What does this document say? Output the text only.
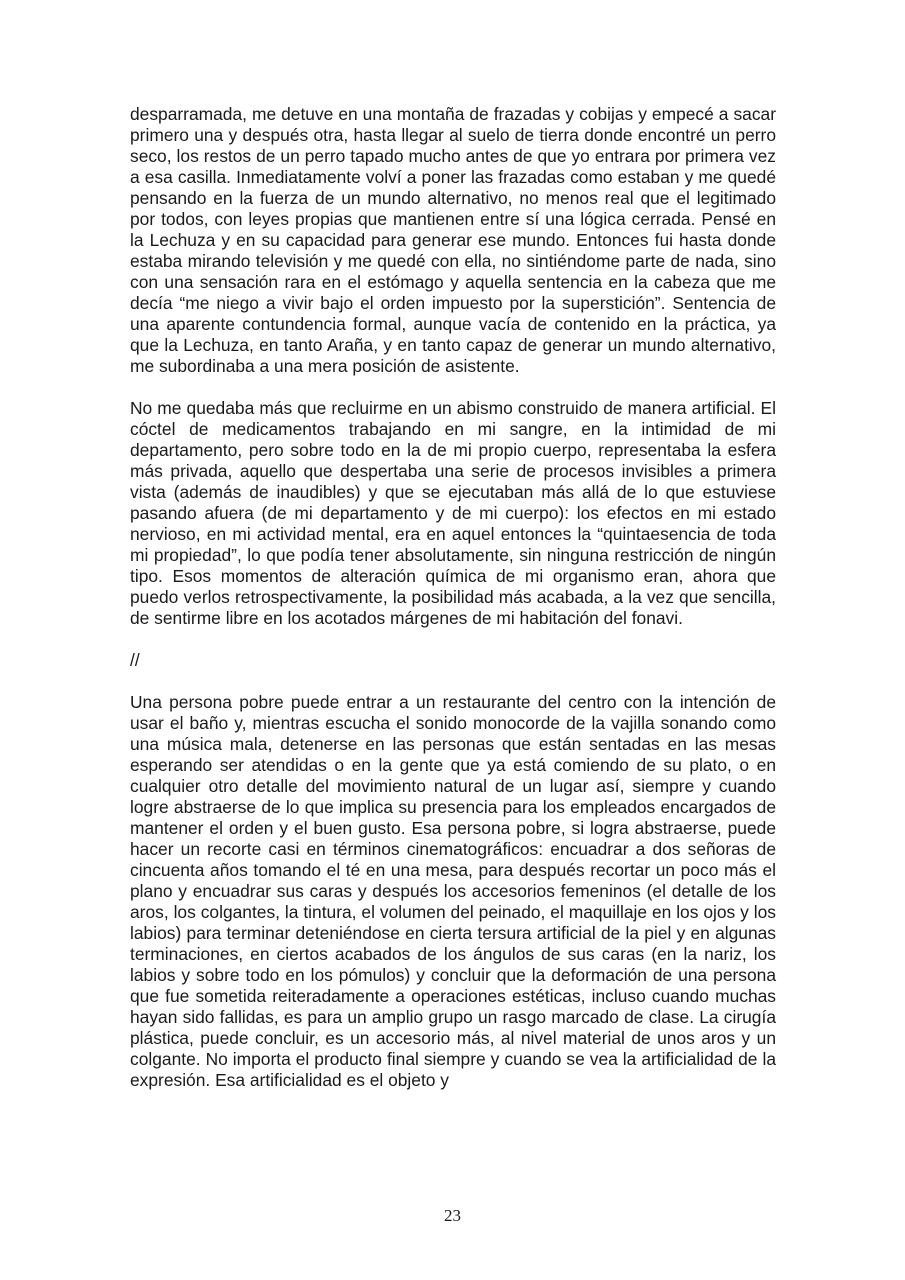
desparramada, me detuve en una montaña de frazadas y cobijas y empecé a sacar primero una y después otra, hasta llegar al suelo de tierra donde encontré un perro seco, los restos de un perro tapado mucho antes de que yo entrara por primera vez a esa casilla. Inmediatamente volví a poner las frazadas como estaban y me quedé pensando en la fuerza de un mundo alternativo, no menos real que el legitimado por todos, con leyes propias que mantienen entre sí una lógica cerrada. Pensé en la Lechuza y en su capacidad para generar ese mundo. Entonces fui hasta donde estaba mirando televisión y me quedé con ella, no sintiéndome parte de nada, sino con una sensación rara en el estómago y aquella sentencia en la cabeza que me decía “me niego a vivir bajo el orden impuesto por la superstición”. Sentencia de una aparente contundencia formal, aunque vacía de contenido en la práctica, ya que la Lechuza, en tanto Araña, y en tanto capaz de generar un mundo alternativo, me subordinaba a una mera posición de asistente.

No me quedaba más que recluirme en un abismo construido de manera artificial. El cóctel de medicamentos trabajando en mi sangre, en la intimidad de mi departamento, pero sobre todo en la de mi propio cuerpo, representaba la esfera más privada, aquello que despertaba una serie de procesos invisibles a primera vista (además de inaudibles) y que se ejecutaban más allá de lo que estuviese pasando afuera (de mi departamento y de mi cuerpo): los efectos en mi estado nervioso, en mi actividad mental, era en aquel entonces la “quintaesencia de toda mi propiedad”, lo que podía tener absolutamente, sin ninguna restricción de ningún tipo. Esos momentos de alteración química de mi organismo eran, ahora que puedo verlos retrospectivamente, la posibilidad más acabada, a la vez que sencilla, de sentirme libre en los acotados márgenes de mi habitación del fonavi.

//

Una persona pobre puede entrar a un restaurante del centro con la intención de usar el baño y, mientras escucha el sonido monocorde de la vajilla sonando como una música mala, detenerse en las personas que están sentadas en las mesas esperando ser atendidas o en la gente que ya está comiendo de su plato, o en cualquier otro detalle del movimiento natural de un lugar así, siempre y cuando logre abstraerse de lo que implica su presencia para los empleados encargados de mantener el orden y el buen gusto. Esa persona pobre, si logra abstraerse, puede hacer un recorte casi en términos cinematográficos: encuadrar a dos señoras de cincuenta años tomando el té en una mesa, para después recortar un poco más el plano y encuadrar sus caras y después los accesorios femeninos (el detalle de los aros, los colgantes, la tintura, el volumen del peinado, el maquillaje en los ojos y los labios) para terminar deteniéndose en cierta tersura artificial de la piel y en algunas terminaciones, en ciertos acabados de los ángulos de sus caras (en la nariz, los labios y sobre todo en los pómulos) y concluir que la deformación de una persona que fue sometida reiteradamente a operaciones estéticas, incluso cuando muchas hayan sido fallidas, es para un amplio grupo un rasgo marcado de clase. La cirugía plástica, puede concluir, es un accesorio más, al nivel material de unos aros y un colgante. No importa el producto final siempre y cuando se vea la artificialidad de la expresión. Esa artificialidad es el objeto y

23
